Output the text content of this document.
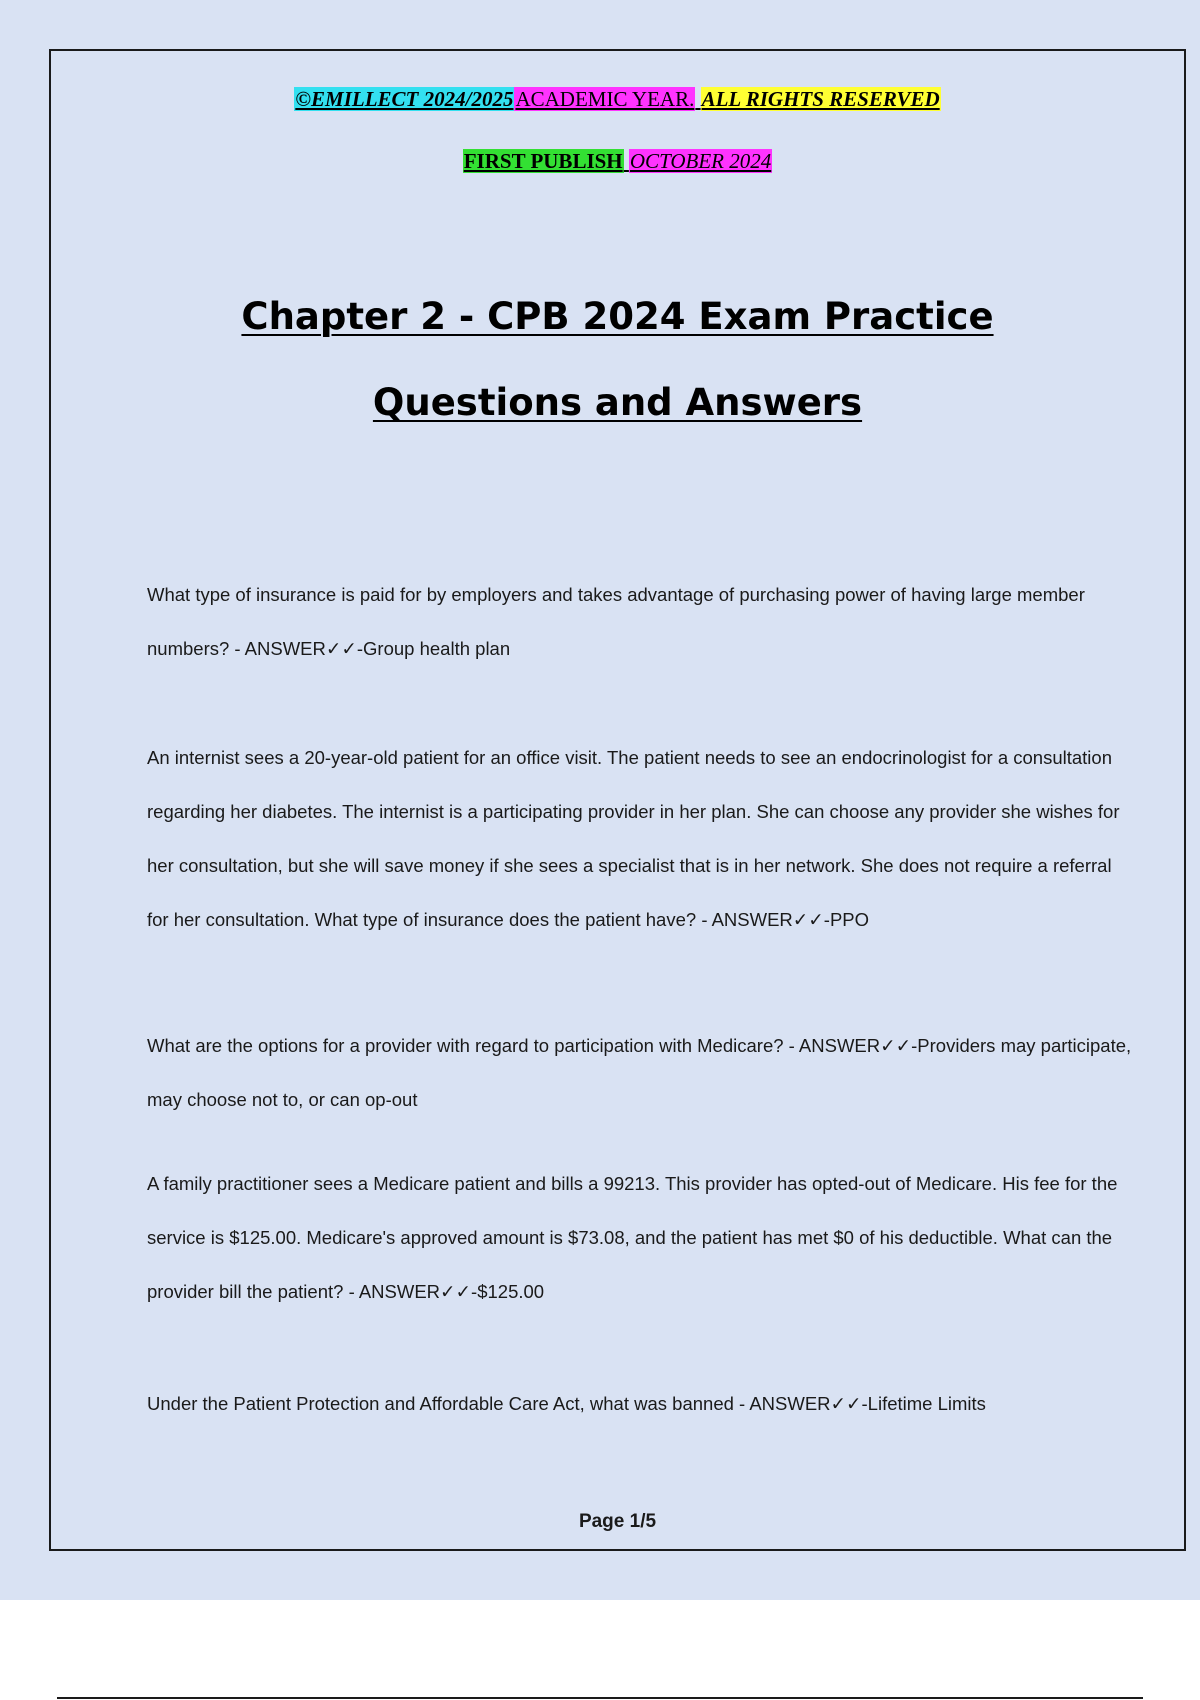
©EMILLECT 2024/2025ACADEMIC YEAR. ALL RIGHTS RESERVED
FIRST PUBLISH OCTOBER 2024
Chapter 2 - CPB 2024 Exam Practice
Questions and Answers

What type of insurance is paid for by employers and takes advantage of purchasing power of having large member numbers? - ANSWER✓✓-Group health plan

An internist sees a 20-year-old patient for an office visit. The patient needs to see an endocrinologist for a consultation regarding her diabetes. The internist is a participating provider in her plan. She can choose any provider she wishes for her consultation, but she will save money if she sees a specialist that is in her network. She does not require a referral for her consultation. What type of insurance does the patient have? - ANSWER✓✓-PPO

What are the options for a provider with regard to participation with Medicare? - ANSWER✓✓-Providers may participate, may choose not to, or can op-out

A family practitioner sees a Medicare patient and bills a 99213. This provider has opted-out of Medicare. His fee for the service is $125.00. Medicare's approved amount is $73.08, and the patient has met $0 of his deductible. What can the provider bill the patient? - ANSWER✓✓-$125.00

Under the Patient Protection and Affordable Care Act, what was banned - ANSWER✓✓-Lifetime Limits

Page 1/5
